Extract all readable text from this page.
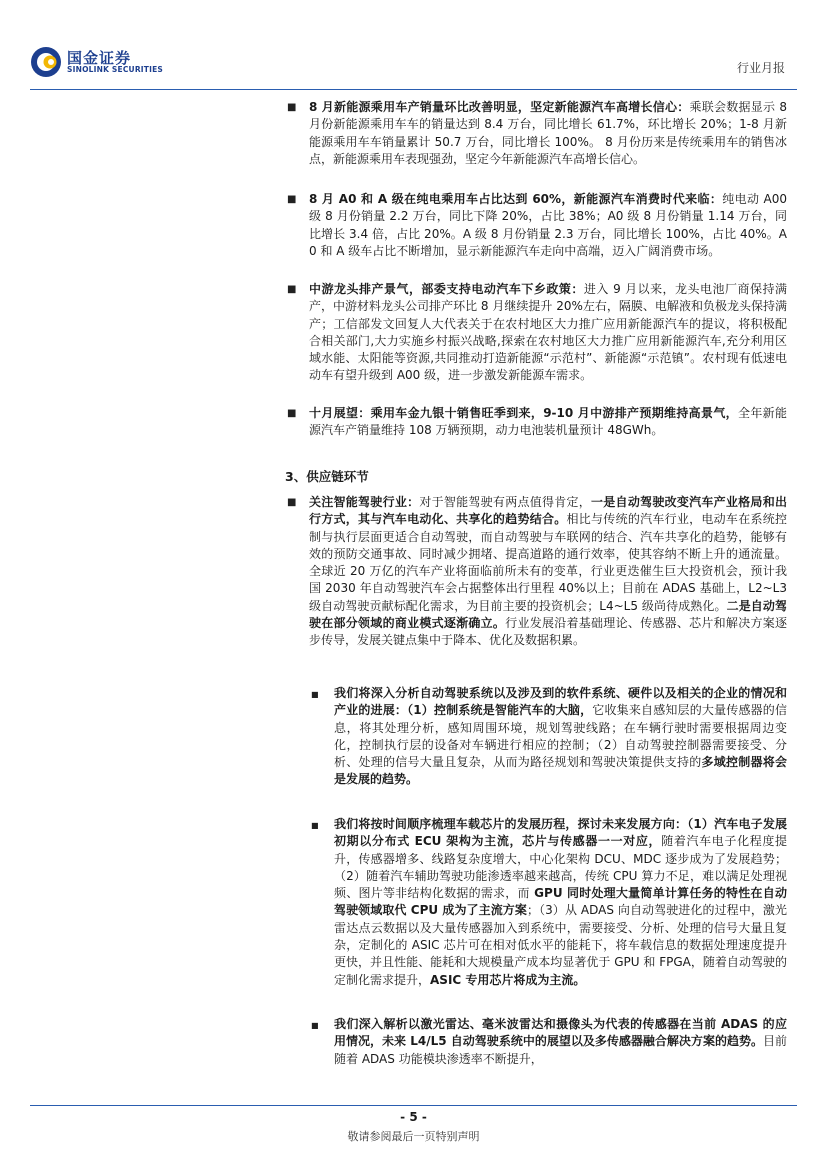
国金证券
SINOLINK SECURITIES	行业月报
■ 8 月新能源乘用车产销量环比改善明显，坚定新能源汽车高增长信心：乘联会数据显示 8 月份新能源乘用车车的销量达到 8.4 万台，同比增长 61.7%，环比增长 20%；1-8 月新能源乘用车车销量累计 50.7 万台，同比增长 100%。 8 月份历来是传统乘用车的销售冰点，新能源乘用车表现强劲，坚定今年新能源汽车高增长信心。

■ 8 月 A0 和 A 级在纯电乘用车占比达到 60%，新能源汽车消费时代来临：纯电动 A00 级 8 月份销量 2.2 万台，同比下降 20%，占比 38%；A0 级 8 月份销量 1.14 万台，同比增长 3.4 倍，占比 20%。A 级 8 月份销量 2.3 万台，同比增长 100%，占比 40%。A0 和 A 级车占比不断增加，显示新能源汽车走向中高端，迈入广阔消费市场。

■ 中游龙头排产景气，部委支持电动汽车下乡政策：进入 9 月以来，龙头电池厂商保持满产，中游材料龙头公司排产环比 8 月继续提升 20%左右，隔膜、电解液和负极龙头保持满产；工信部发文回复人大代表关于在农村地区大力推广应用新能源汽车的提议，将积极配合相关部门,大力实施乡村振兴战略,探索在农村地区大力推广应用新能源汽车,充分利用区域水能、太阳能等资源,共同推动打造新能源“示范村”、新能源“示范镇”。农村现有低速电动车有望升级到 A00 级，进一步激发新能源车需求。

■ 十月展望：乘用车金九银十销售旺季到来，9-10 月中游排产预期维持高景气，全年新能源汽车产销量维持 108 万辆预期，动力电池装机量预计 48GWh。

3、供应链环节
■ 关注智能驾驶行业：对于智能驾驶有两点值得肯定，一是自动驾驶改变汽车产业格局和出行方式，其与汽车电动化、共享化的趋势结合。相比与传统的汽车行业，电动车在系统控制与执行层面更适合自动驾驶，而自动驾驶与车联网的结合、汽车共享化的趋势，能够有效的预防交通事故、同时减少拥堵、提高道路的通行效率，使其容纳不断上升的通流量。全球近 20 万亿的汽车产业将面临前所未有的变革，行业更迭催生巨大投资机会，预计我国 2030 年自动驾驶汽车会占据整体出行里程 40%以上；目前在 ADAS 基础上，L2~L3 级自动驾驶贡献标配化需求，为目前主要的投资机会；L4~L5 级尚待成熟化。二是自动驾驶在部分领域的商业模式逐渐确立。行业发展沿着基础理论、传感器、芯片和解决方案逐步传导，发展关键点集中于降本、优化及数据积累。

■ 我们将深入分析自动驾驶系统以及涉及到的软件系统、硬件以及相关的企业的情况和产业的进展：（1）控制系统是智能汽车的大脑，它收集来自感知层的大量传感器的信息，将其处理分析，感知周围环境，规划驾驶线路；在车辆行驶时需要根据周边变化，控制执行层的设备对车辆进行相应的控制；（2）自动驾驶控制器需要接受、分析、处理的信号大量且复杂，从而为路径规划和驾驶决策提供支持的多域控制器将会是发展的趋势。

■ 我们将按时间顺序梳理车载芯片的发展历程，探讨未来发展方向：（1）汽车电子发展初期以分布式 ECU 架构为主流，芯片与传感器一一对应，随着汽车电子化程度提升，传感器增多、线路复杂度增大，中心化架构 DCU、MDC 逐步成为了发展趋势；（2）随着汽车辅助驾驶功能渗透率越来越高，传统 CPU 算力不足，难以满足处理视频、图片等非结构化数据的需求，而 GPU 同时处理大量简单计算任务的特性在自动驾驶领域取代 CPU 成为了主流方案；（3）从 ADAS 向自动驾驶进化的过程中，激光雷达点云数据以及大量传感器加入到系统中，需要接受、分析、处理的信号大量且复杂，定制化的 ASIC 芯片可在相对低水平的能耗下，将车载信息的数据处理速度提升更快，并且性能、能耗和大规模量产成本均显著优于 GPU 和 FPGA，随着自动驾驶的定制化需求提升，ASIC 专用芯片将成为主流。

■ 我们深入解析以激光雷达、毫米波雷达和摄像头为代表的传感器在当前 ADAS 的应用情况，未来 L4/L5 自动驾驶系统中的展望以及多传感器融合解决方案的趋势。目前随着 ADAS 功能模块渗透率不断提升，

- 5 -
敬请参阅最后一页特别声明
